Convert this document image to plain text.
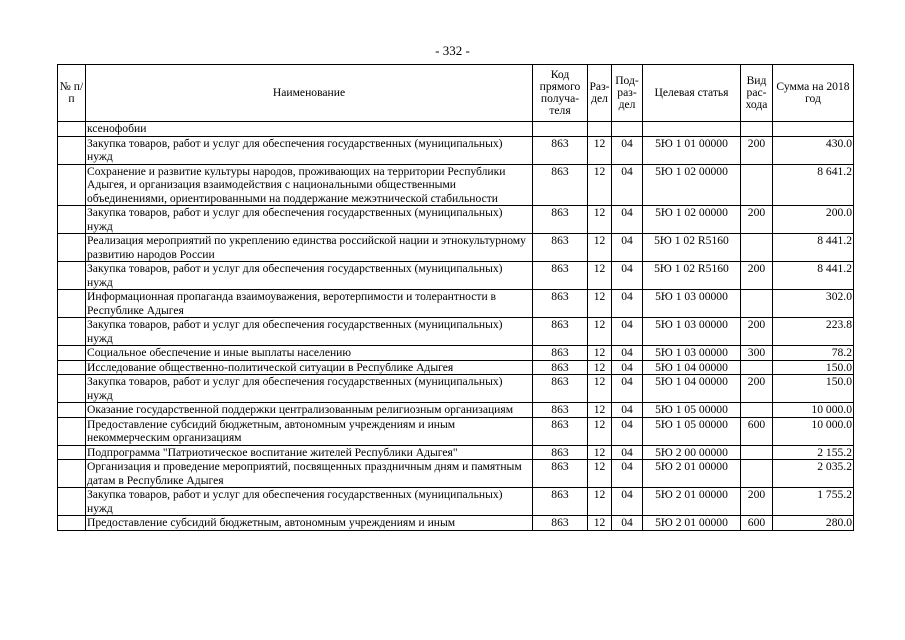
- 332 -
№ п/п	Наименование	Код прямого получа-теля	Раз-дел	Под-раз-дел	Целевая статья	Вид рас-хода	Сумма на 2018 год
	ксенофобии						
	Закупка товаров, работ и услуг для обеспечения государственных (муниципальных) нужд	863	12	04	5Ю 1 01 00000	200	430.0
	Сохранение и развитие культуры народов, проживающих на территории Республики Адыгея, и организация взаимодействия с национальными общественными объединениями, ориентированными на поддержание межэтнической стабильности	863	12	04	5Ю 1 02 00000		8 641.2
	Закупка товаров, работ и услуг для обеспечения государственных (муниципальных) нужд	863	12	04	5Ю 1 02 00000	200	200.0
	Реализация мероприятий по укреплению единства российской нации и этнокультурному развитию народов России	863	12	04	5Ю 1 02 R5160		8 441.2
	Закупка товаров, работ и услуг для обеспечения государственных (муниципальных) нужд	863	12	04	5Ю 1 02 R5160	200	8 441.2
	Информационная пропаганда взаимоуважения, веротерпимости и толерантности в Республике Адыгея	863	12	04	5Ю 1 03 00000		302.0
	Закупка товаров, работ и услуг для обеспечения государственных (муниципальных) нужд	863	12	04	5Ю 1 03 00000	200	223.8
	Социальное обеспечение и иные выплаты населению	863	12	04	5Ю 1 03 00000	300	78.2
	Исследование общественно-политической ситуации в Республике Адыгея	863	12	04	5Ю 1 04 00000		150.0
	Закупка товаров, работ и услуг для обеспечения государственных (муниципальных) нужд	863	12	04	5Ю 1 04 00000	200	150.0
	Оказание государственной поддержки централизованным религиозным организациям	863	12	04	5Ю 1 05 00000		10 000.0
	Предоставление субсидий бюджетным, автономным учреждениям и иным некоммерческим организациям	863	12	04	5Ю 1 05 00000	600	10 000.0
	Подпрограмма "Патриотическое воспитание жителей Республики Адыгея"	863	12	04	5Ю 2 00 00000		2 155.2
	Организация и проведение мероприятий, посвященных праздничным дням и памятным датам в Республике Адыгея	863	12	04	5Ю 2 01 00000		2 035.2
	Закупка товаров, работ и услуг для обеспечения государственных (муниципальных) нужд	863	12	04	5Ю 2 01 00000	200	1 755.2
	Предоставление субсидий бюджетным, автономным учреждениям и иным	863	12	04	5Ю 2 01 00000	600	280.0
